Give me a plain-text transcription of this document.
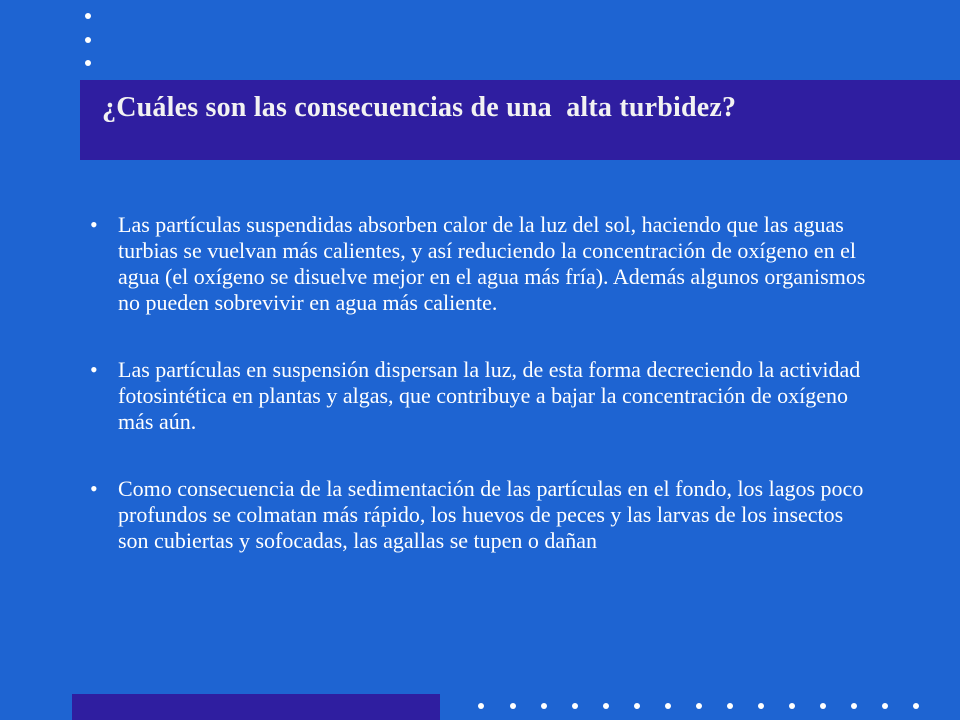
¿Cuáles son las consecuencias de una  alta turbidez?
• Las partículas suspendidas absorben calor de la luz del sol, haciendo que las aguas turbias se vuelvan más calientes, y así reduciendo la concentración de oxígeno en el agua (el oxígeno se disuelve mejor en el agua más fría). Además algunos organismos no pueden sobrevivir en agua más caliente.
• Las partículas en suspensión dispersan la luz, de esta forma decreciendo la actividad fotosintética en plantas y algas, que contribuye a bajar la concentración de oxígeno más aún.
• Como consecuencia de la sedimentación de las partículas en el fondo, los lagos poco profundos se colmatan más rápido, los huevos de peces y las larvas de los insectos son cubiertas y sofocadas, las agallas se tupen o dañan
